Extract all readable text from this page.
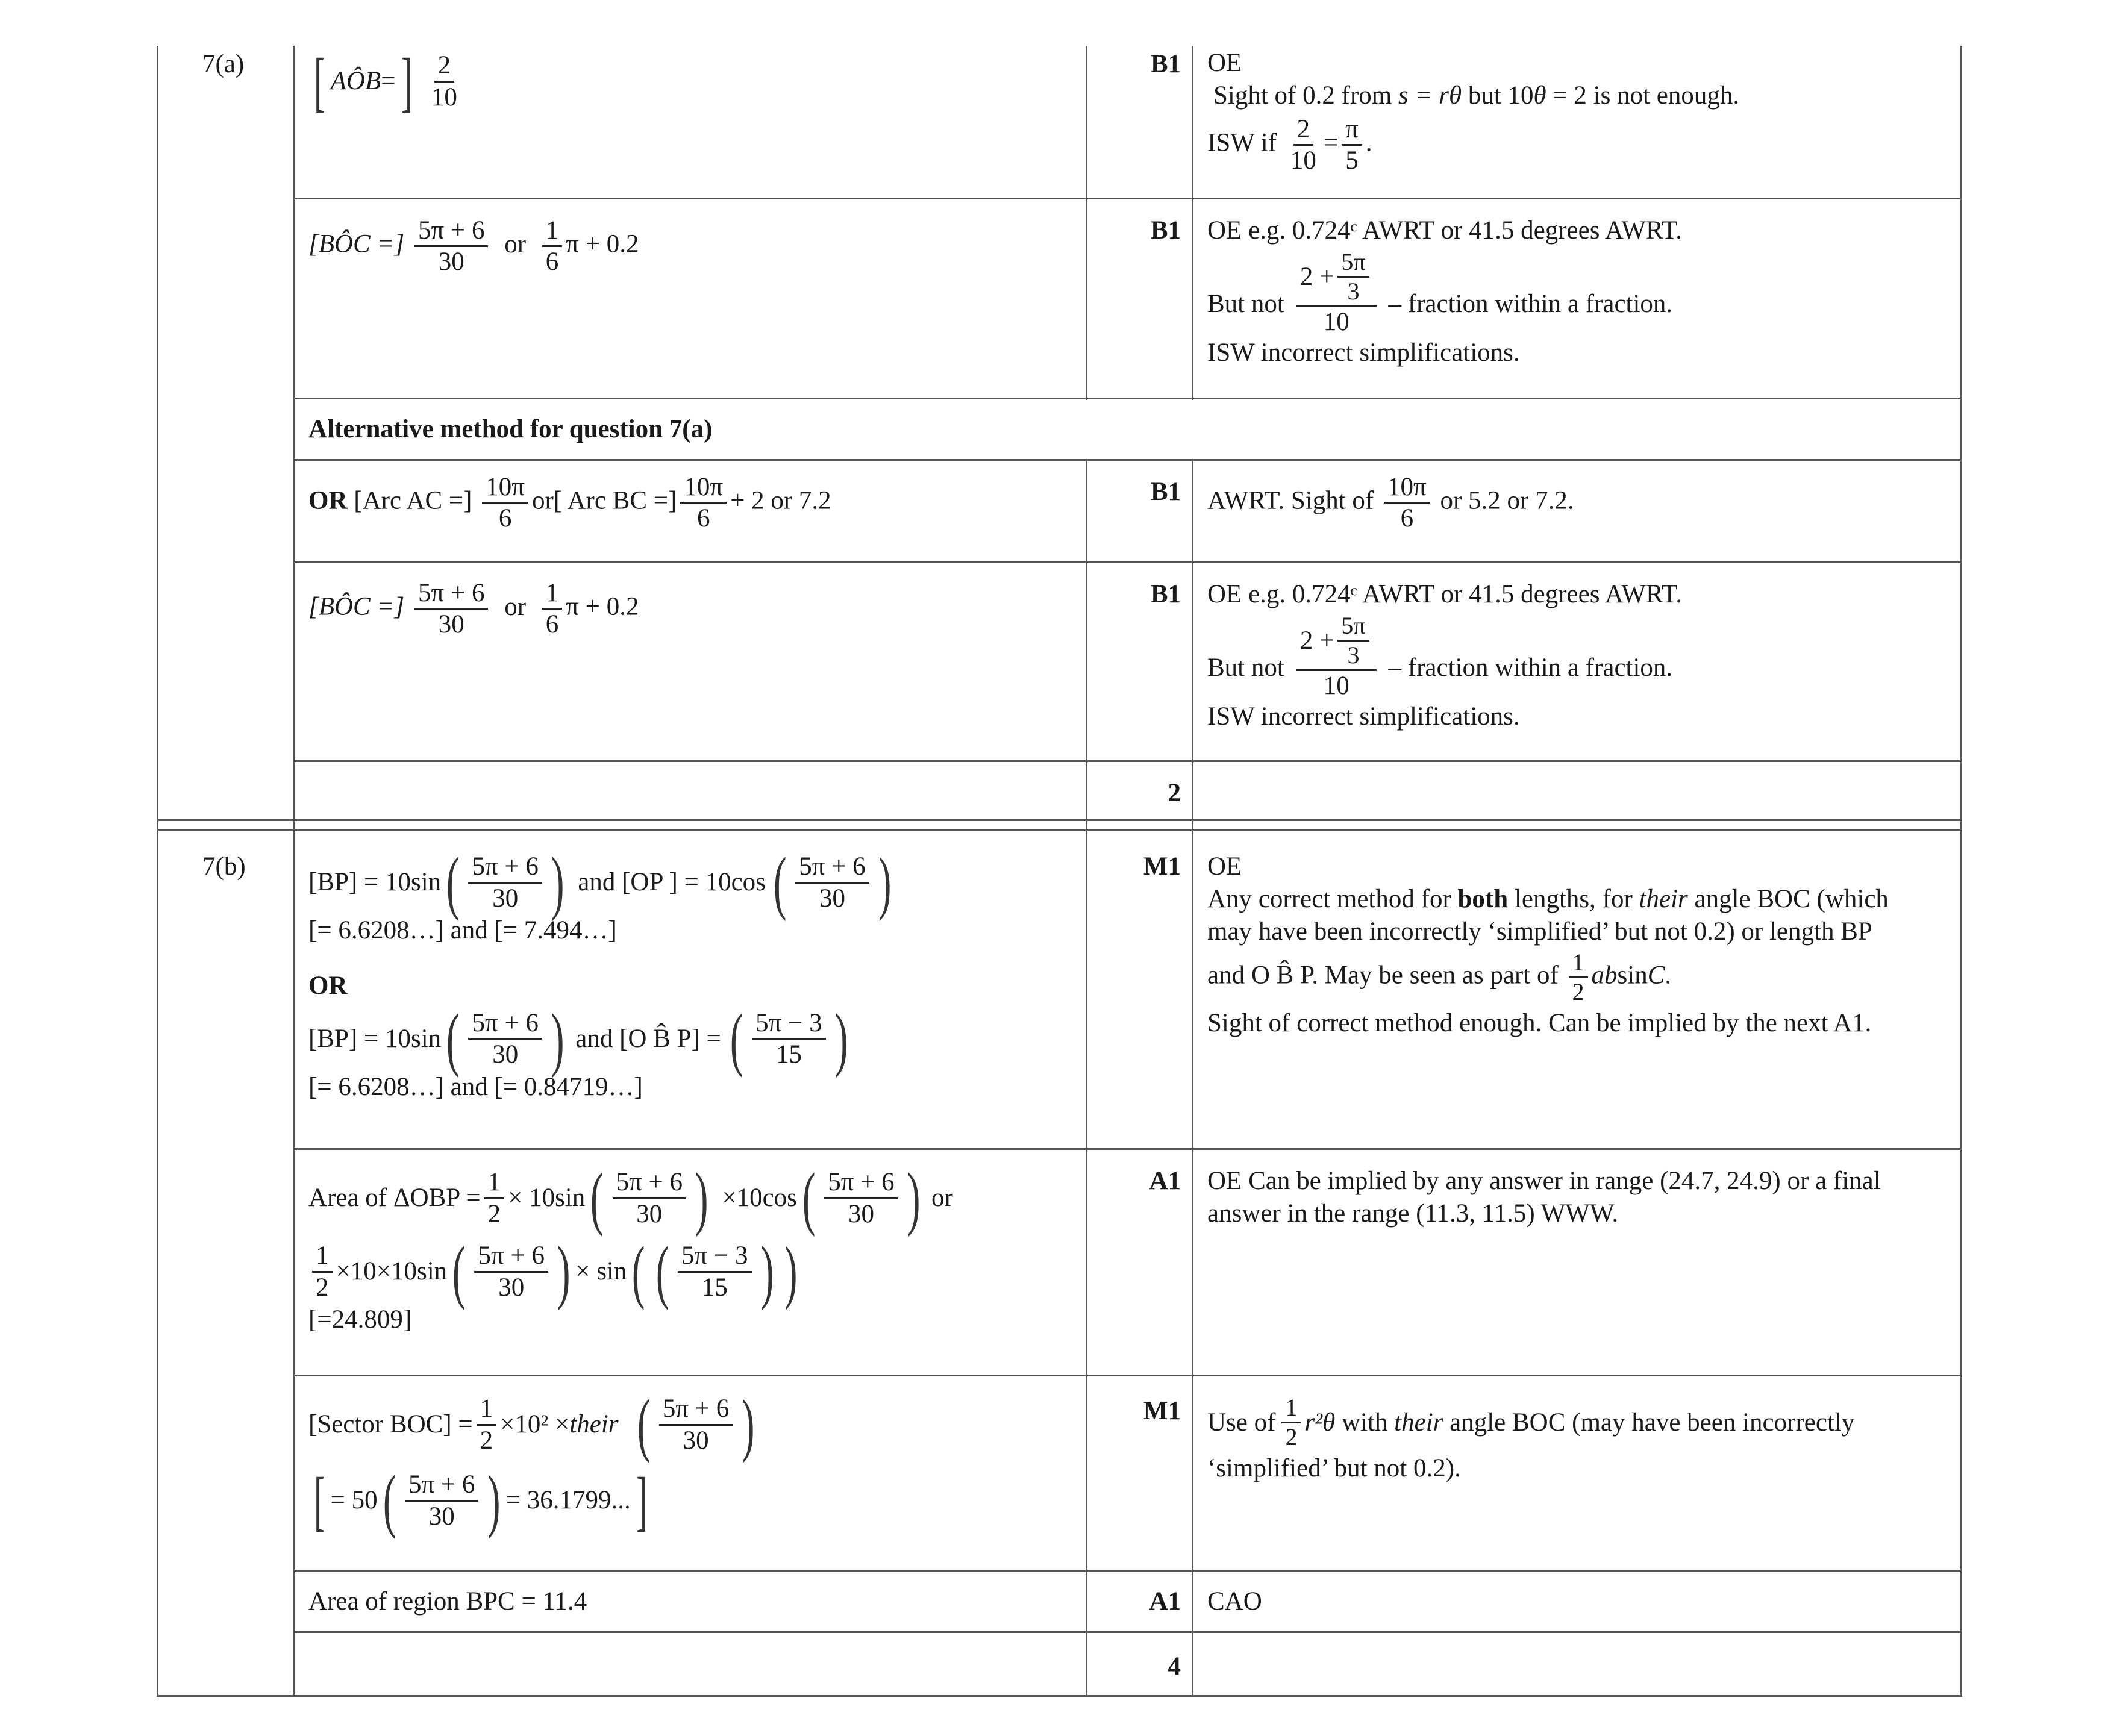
7(a) [ AÔB = ]
$\frac{2}{10}$	B1 OE
Sight of 0.2 from s = rθ but 10θ = 2 is not enough.
ISW if $\frac{2}{10} = \frac{\pi}{5}$ .
[BÔC =] $\frac{5\pi + 6}{30}$ or $\frac{1}{6}$ π + 0.2	B1 OE e.g. 0.724ᶜ AWRT or 41.5 degrees AWRT.
But not $\frac{2 + \frac{5\pi}{3}}{10}$ – fraction within a fraction.
ISW incorrect simplifications.
Alternative method for question 7(a)
OR [Arc AC =] $\frac{10\pi}{6} or$[ Arc BC =] $\frac{10\pi}{6} + 2$ or 7.2	B1 AWRT. Sight of $\frac{10\pi}{6}$ or 5.2 or 7.2.
[BÔC =] $\frac{5\pi + 6}{30}$ or $\frac{1}{6}$ π + 0.2	B1 OE e.g. 0.724ᶜ AWRT or 41.5 degrees AWRT.
But not $\frac{2 + \frac{5\pi}{3}}{10}$ – fraction within a fraction.
ISW incorrect simplifications.
2
7(b)
[BP] = 10sin ( $\frac{5\pi + 6}{30}$ ) and [OP ] = 10cos ( $\frac{5\pi + 6}{30}$ )
[= 6.6208…] and [= 7.494…]
OR
[BP] = 10sin ( $\frac{5\pi + 6}{30}$ ) and [O B̂ P] = ( $\frac{5\pi - 3}{15}$ )
[= 6.6208…] and [= 0.84719…]
M1 OE
Any correct method for both lengths, for their angle BOC (which
may have been incorrectly ‘simplified’ but not 0.2) or length BP
and O B̂ P. May be seen as part of $\frac{1}{2} absinC$.
Sight of correct method enough. Can be implied by the next A1.
Area of $\Delta OBP = \frac{1}{2} \times 10\sin$ ( $\frac{5\pi + 6}{30}$ ) ×10cos ( $\frac{5\pi + 6}{30}$ ) or
$\frac{1}{2} \times 10\times 10\sin$ ( $\frac{5\pi + 6}{30}$ ) × sin ( ( $\frac{5\pi - 3}{15}$ ) )
[=24.809]
A1 OE Can be implied by any answer in range (24.7, 24.9) or a final
answer in the range (11.3, 11.5) WWW.
[Sector $BOC] = \frac{1}{2} \times 10^2$ × their ( $\frac{5\pi + 6}{30}$ )
[ = 50 ( $\frac{5\pi + 6}{30}$ ) = 36.1799... ]
M1 Use of $\frac{1}{2} r^2\theta$ with their angle BOC (may have been incorrectly
‘simplified’ but not 0.2).
Area of region BPC = 11.4	A1 CAO
4
